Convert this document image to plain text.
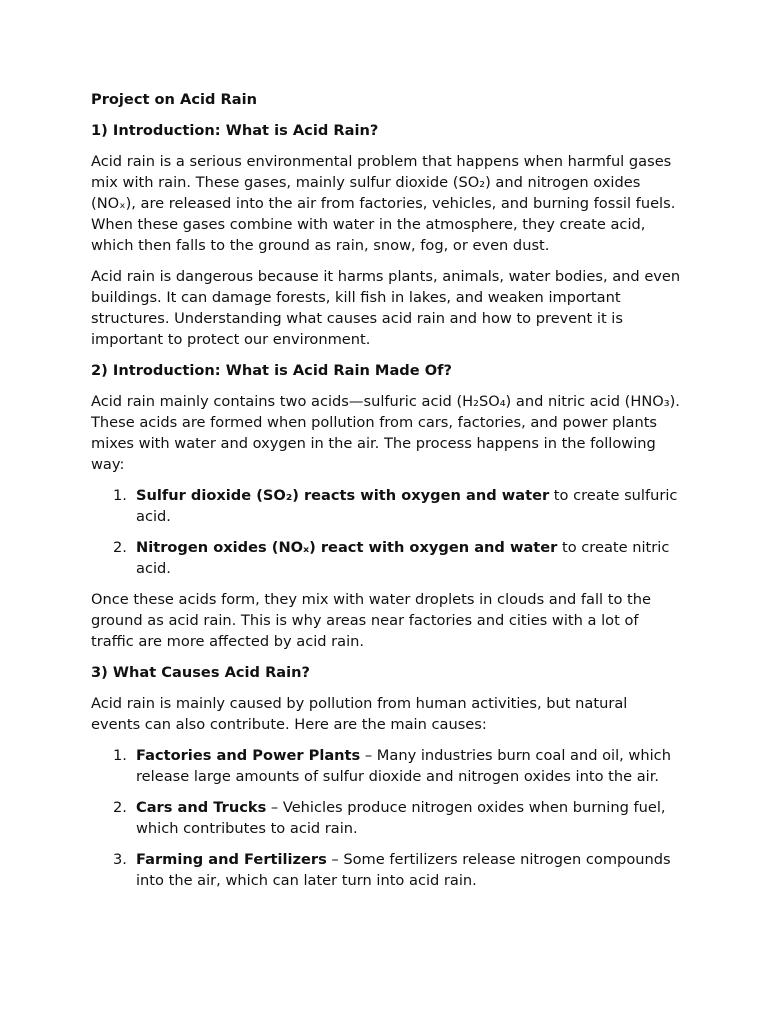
Project on Acid Rain
1) Introduction: What is Acid Rain?

Acid rain is a serious environmental problem that happens when harmful gases mix with rain. These gases, mainly sulfur dioxide (SO₂) and nitrogen oxides (NOₓ), are released into the air from factories, vehicles, and burning fossil fuels. When these gases combine with water in the atmosphere, they create acid, which then falls to the ground as rain, snow, fog, or even dust.

Acid rain is dangerous because it harms plants, animals, water bodies, and even buildings. It can damage forests, kill fish in lakes, and weaken important structures. Understanding what causes acid rain and how to prevent it is important to protect our environment.

2) Introduction: What is Acid Rain Made Of?

Acid rain mainly contains two acids—sulfuric acid (H₂SO₄) and nitric acid (HNO₃). These acids are formed when pollution from cars, factories, and power plants mixes with water and oxygen in the air. The process happens in the following way:

1. Sulfur dioxide (SO₂) reacts with oxygen and water to create sulfuric acid.
2. Nitrogen oxides (NOₓ) react with oxygen and water to create nitric acid.

Once these acids form, they mix with water droplets in clouds and fall to the ground as acid rain. This is why areas near factories and cities with a lot of traffic are more affected by acid rain.

3) What Causes Acid Rain?

Acid rain is mainly caused by pollution from human activities, but natural events can also contribute. Here are the main causes:

1. Factories and Power Plants – Many industries burn coal and oil, which release large amounts of sulfur dioxide and nitrogen oxides into the air.
2. Cars and Trucks – Vehicles produce nitrogen oxides when burning fuel, which contributes to acid rain.
3. Farming and Fertilizers – Some fertilizers release nitrogen compounds into the air, which can later turn into acid rain.
